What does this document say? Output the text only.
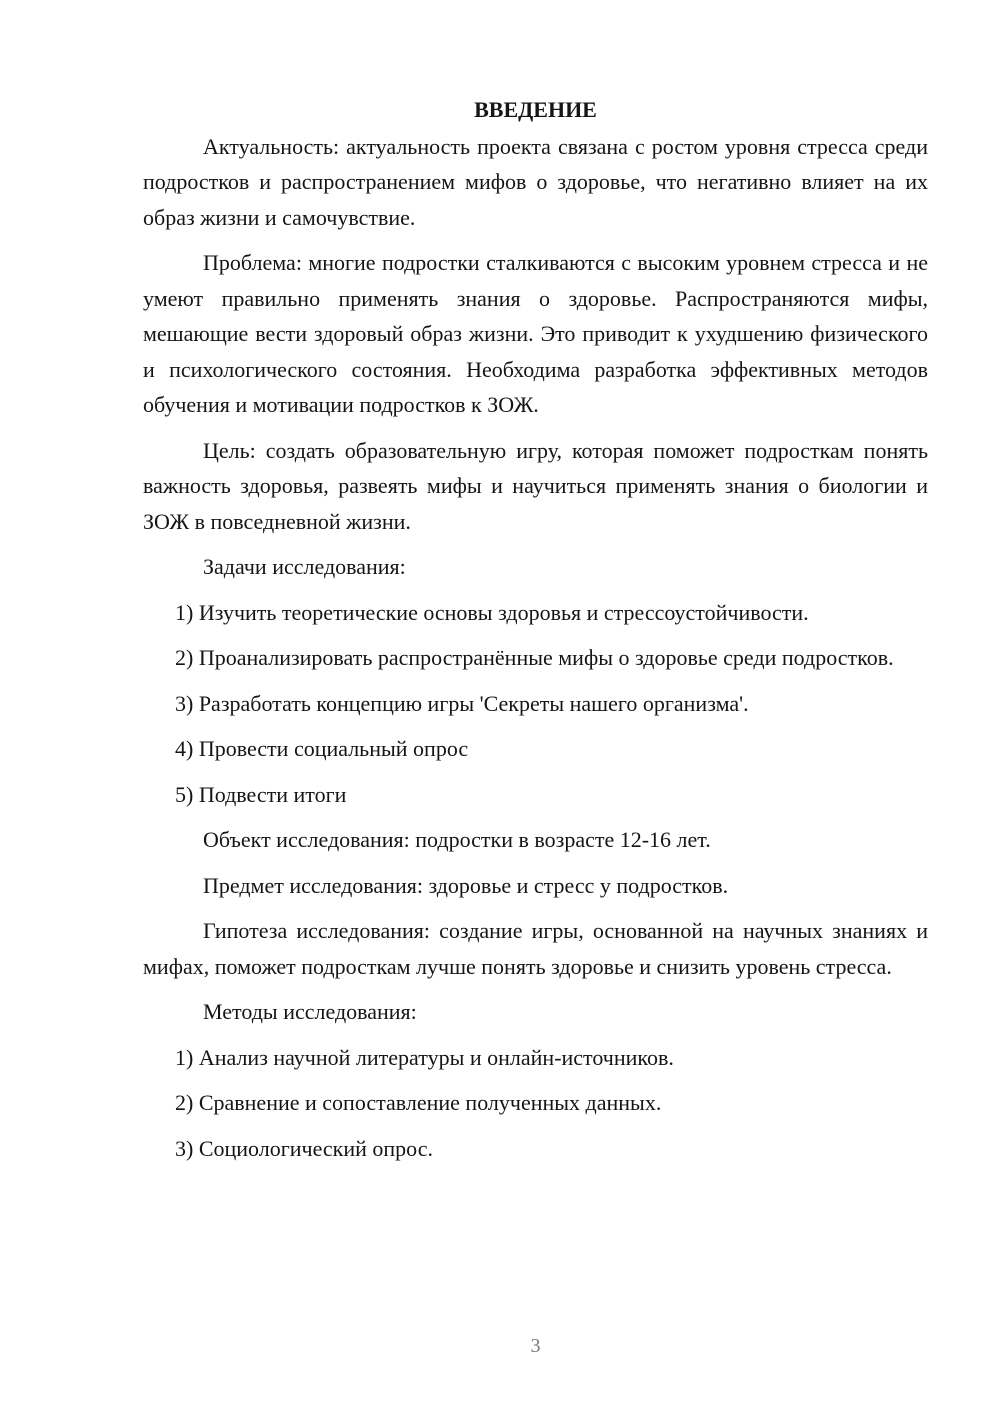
ВВЕДЕНИЕ

Актуальность: актуальность проекта связана с ростом уровня стресса среди подростков и распространением мифов о здоровье, что негативно влияет на их образ жизни и самочувствие.

Проблема: многие подростки сталкиваются с высоким уровнем стресса и не умеют правильно применять знания о здоровье. Распространяются мифы, мешающие вести здоровый образ жизни. Это приводит к ухудшению физического и психологического состояния. Необходима разработка эффективных методов обучения и мотивации подростков к ЗОЖ.

Цель: создать образовательную игру, которая поможет подросткам понять важность здоровья, развеять мифы и научиться применять знания о биологии и ЗОЖ в повседневной жизни.

Задачи исследования:

1) Изучить теоретические основы здоровья и стрессоустойчивости.

2) Проанализировать распространённые мифы о здоровье среди подростков.

3) Разработать концепцию игры 'Секреты нашего организма'.

4) Провести социальный опрос

5) Подвести итоги

Объект исследования: подростки в возрасте 12-16 лет.

Предмет исследования: здоровье и стресс у подростков.

Гипотеза исследования: создание игры, основанной на научных знаниях и мифах, поможет подросткам лучше понять здоровье и снизить уровень стресса.

Методы исследования:

1) Анализ научной литературы и онлайн-источников.

2) Сравнение и сопоставление полученных данных.

3) Социологический опрос.

3
